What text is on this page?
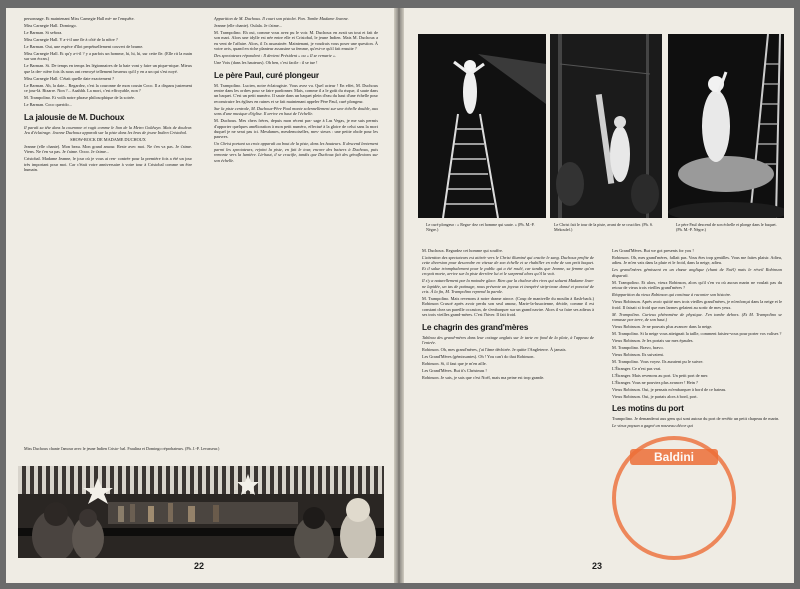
personnage. Et maintenant Miss Carnegie Hall mè- ne l'enquête.

Miss Carnegie Hall. Domingo.

Le Barman. Si señora.

Miss Carnegie Hall. Y a-t-il une île à côté de la nôtre ?

Le Barman. Oui, une espèce d'îlot perpétuellement couvert de brume.

Miss Carnegie Hall. Et qu'y a-t-il ? y a parfois un homme, hi, hi, hi, sur cette île. (Elle rit la main sur son écran.)

Le Barman. Si. De temps en temps les légionnaires de la baie vont y faire un pique-nique. Mieux que la der- nière fois ils nous ont renvoyé tellement heureux qu'il y en a un qui s'est noyé.

Miss Carnegie Hall. C'était quelle date exactement ?

Le Barman. Ah, la date... Regardez, c'est la couronne de mon cousin Coco. Il a disparu justement ce jour-là. Bizarre. Non ?... Aaahhh. La mort, c'est effroyable, non ?

M. Trampolino. Et voilà notre phrase philosophique de la soirée.

Le Barman. Coco querido...

La jalousie de M. Duchoux

Il paraît sa tête dans la couronne et rugit comme le lion de la Metro Goldwyn. Mais de douleur. Jeu d'éclairage. Jeanne Duchoux apparaît sur la piste dans les bras de jeune Indien Cristobal.

SHOW-ROCK DE MADAME DUCHOUX

Jeanne (elle chante). Mon beau. Mon grand amour. Reste avec moi. Ne t'en va pas. Je t'aime. Viens. Ne t'en va pas. Je t'aime. Oooo. Je t'aime...

Cristobal. Madame Jeanne, le jour où je vous ai ren- contrée pour la première fois a été un jour très important pour moi. Car c'était votre anniversaire à votre tour à Cristobal comme un être humain.

Apparition de M. Duchoux. Il court son pistolet. Pan. Tombe Madame Jeanne.

Jeanne (elle chante). Oulala. Je t'aime...

M. Trampolino. Eh oui, comme vous avez pu le voir. M. Duchoux en avait un tout et fait de son mari. Alors une idylle est née entre elle et Cristobal, le jeune Indien. Mais M. Duchoux a eu vent de l'affaire. Alors, il l'a assassinée. Maintenant, je voudrais vous poser une question. À votre avis, quand en riche planteur assassine sa femme, qu'est-ce qu'il fait ensuite ?

Des spectateurs répondent : Il devient Président » ou « Il se remarie ».

Une Voix (dans les hauteurs). Oh ben, c'est facile : il se tue !

Le père Paul, curé plongeur

M. Trampolino. Lucien, notre éclairagiste. Vous avez vu. Quel acteur ! En effet, M. Duchoux rentre dans les ordres pour se faire pardonner. Mais, comme il a le goût du risque, il saute dans un baquet. C'est un petit numéro. Il saute dans un baquet plein d'eau du haut d'une échelle pour reconstruire les églises en ruines et se fait maintenant appeler Père Paul, curé plongeur.

Sur la piste centrale, M. Duchoux-Père Paul monte solennellement sur une échelle double, aux sons d'une musique d'église. Il arrive en haut de l'échelle.

M. Duchoux. Mes chers frères, depuis mon récent pas- sage à Las Vegas, je me suis permis d'apporter quelques amélioration à mon petit numéro, effectué à la gloire de celui sans la mort duquel je ne serai pas ici. Mesdames, mesdemoiselles, mes- sieurs : une petite obole pour les pauvres.

Un Christ portant sa croix apparaît au bout de la piste, dans les hauteurs. Il descend lentement parmi les spectateurs, rejoint la piste, en fait le tour, encore des baisers à Duchoux, puis remonte vers la lumière. Là-haut, il se crucifie, tandis que Duchoux fait des génuflexions sur son échelle.

Miss Duchoux chante l'amour avec le jeune Indien Cristo- bal. Fraulina et Domingo réprobateurs. (Ph. J.-P. Levasseur.)
22
Le curé plongeur : « Regar- dez cet homme qui saute. » (Ph. M.-P. Nègre.)
Le Christ fait le tour de la piste, avant de se crucifier. (Ph. S. Mekoulef.)
Le père Paul descend de son échelle et plonge dans le baquet. (Ph. M.-P. Nègre.)

M. Duchoux. Regardez cet homme qui souffre.

L'attention des spectateurs est attirée vers le Christ illuminé qui crache le sang. Duchoux profite de cette diversion pour descendre en vitesse de son échelle et se rhabiller en robe de son petit baquet. Et il salue triomphalement pour le public qui a été roulé, car tandis que Jeanne, sa femme qu'on croyait morte, arrive sur la piste derrière lui et le surprend alors qu'il la voit.

Il s'y a naturellement par la moindre glace. Rien que la chaleur des rires qui saluent Madame Jean- ne lapidée, un tas de patinage, nous présente un joyeux et inespéré strip-tease dansé et ponctué de cris. À la fin, M. Trampolino reprend la parole.

M. Trampolino. Mais revenons à notre drame atroce. (Coup de manivelle du moulin à flash-back.) Robinson Crusoé après avoir perdu son seul amour, Marie-la-lusacienne, décide, comme il est constant chez un pareille occasion, de s'embarquer sur un grand navire. Alors il va faire ses adieux à ses trois vieilles grand-mères. C'est l'hiver. Il fait froid.

Le chagrin des grand'mères

Tableau des grand-mères dans leur cottage anglais sur le tarte en fond de la plaie, à l'appeau de l'entrée.

Robinson. Oh, mes grand'mères, j'ai l'âme déchirée. Je quitte l'Angleterre. À jamais.

Les Grand'Mères (gémissantes). Oh ! You can't do that Robinson.

Robinson. Si, il faut que je m'en aille.

Les Grand'Mères. But it's Christmas !

Robinson. Je sais, je sais que c'est Noël, mais ma peine est trop grande.

Les Grand'Mères. But we got presents for you !

Robinson. Oh, mes grand'mères, fallait pas. Vous êtes trop gentilles. Vous me faites plaisir. Adieu, adieu. Je m'en vais dans la pluie et le froid, dans la neige, adieu.

Les grand'mères gémissent en un chœur anglique (chant de Noël) mais le réveil Robinson disparaît.

M. Trampolino. Et alors, vieux Robinson, alors qu'il s'en va où aucun marin ne voulait pas du retour de vieux trois vieilles grand'mères ?

Réapparition du vieux Robinson qui continue à raconter son histoire.

Vieux Robinson. Après avoir quitté mes trois vieilles grand'mères, je m'enfonçai dans la neige et le froid. Il faisait si froid que mes larmes gelaient au sortir de mes yeux.

M. Trampolino. Curieux phénomène de physique. J'en tombe dehors. (Et M. Trampolino se ramasse par terre, de son haut.)

Vieux Robinson. Je ne pouvais plus avancer dans la neige.

M. Trampolino. Si la neige vous atteignait la taille, comment faisiez-vous pour porter vos valises ?

Vieux Robinson. Je les portais sur mes épaules.

M. Trampolino. Bravo, bravo.

Vieux Robinson. Ils suivaient.

M. Trampolino. Vous voyez. Ils auraient pu le suivre.

L'Étranger. Ce n'est pas vrai.

L'Étranger. Mais revenons au port. Un petit port de mer.

L'Étranger. Vous ne pouviez plus avancer ! Hein ?

Vieux Robinson. Oui, je pensais m'embarquer à bord de ce bateau.

Vieux Robinson. Oui, je partais alors à bord, port.

Les motins du port

Trampolino. Je demanderai aux gens qui sont autour du port de revêtir un petit chapeau de marin.

Le vieux paysan a gagné un nouveau décor qui

23
Baldini
